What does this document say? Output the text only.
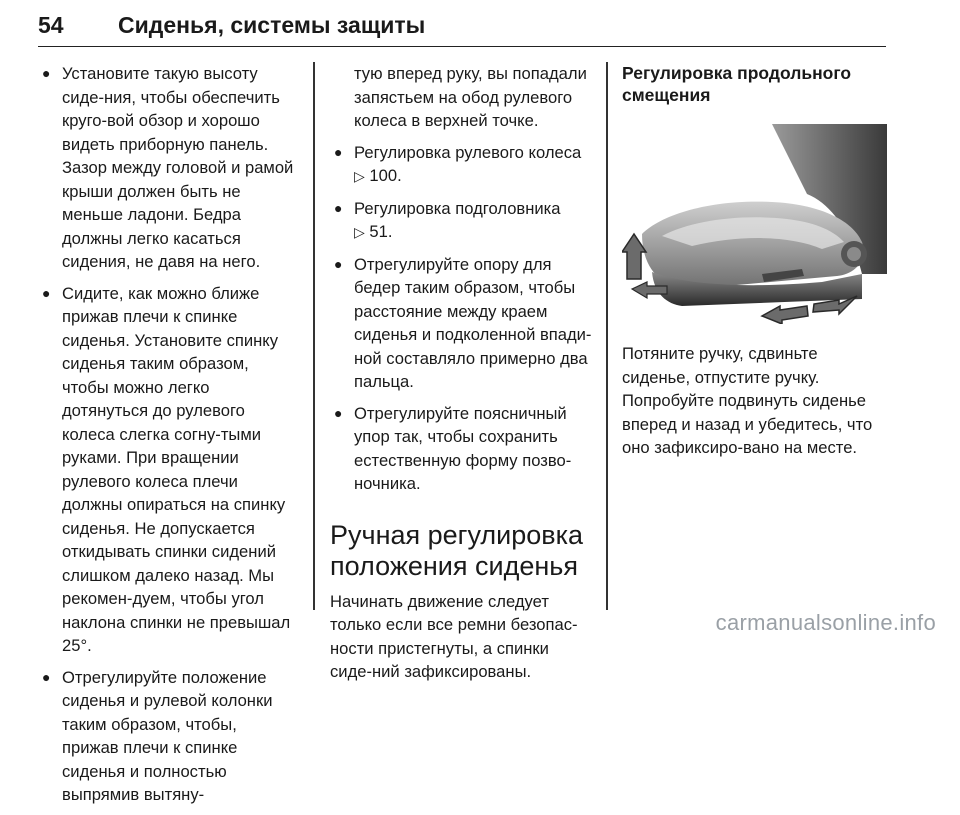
54	Сиденья, системы защиты
● Установите такую высоту сиде-ния, чтобы обеспечить круго-вой обзор и хорошо видеть приборную панель. Зазор между головой и рамой крыши должен быть не меньше ладони. Бедра должны легко касаться сидения, не давя на него.
● Сидите, как можно ближе прижав плечи к спинке сиденья. Установите спинку сиденья таким образом, чтобы можно легко дотянуться до рулевого колеса слегка согну-тыми руками. При вращении рулевого колеса плечи должны опираться на спинку сиденья. Не допускается откидывать спинки сидений слишком далеко назад. Мы рекомен-дуем, чтобы угол наклона спинки не превышал 25°.
● Отрегулируйте положение сиденья и рулевой колонки таким образом, чтобы, прижав плечи к спинке сиденья и полностью выпрямив вытяну-
тую вперед руку, вы попадали запястьем на обод рулевого колеса в верхней точке.
● Регулировка рулевого колеса
▷ 100.
● Регулировка подголовника
▷ 51.
● Отрегулируйте опору для бедер таким образом, чтобы расстояние между краем сиденья и подколенной впади-ной составляло примерно два пальца.
● Отрегулируйте поясничный упор так, чтобы сохранить естественную форму позво-ночника.
Ручная регулировка положения сиденья

Начинать движение следует только если все ремни безопас-ности пристегнуты, а спинки сиде-ний зафиксированы.

Регулировка продольного смещения

Потяните ручку, сдвиньте сиденье, отпустите ручку. Попробуйте подвинуть сиденье вперед и назад и убедитесь, что оно зафиксиро-вано на месте.

carmanualsonline.info
